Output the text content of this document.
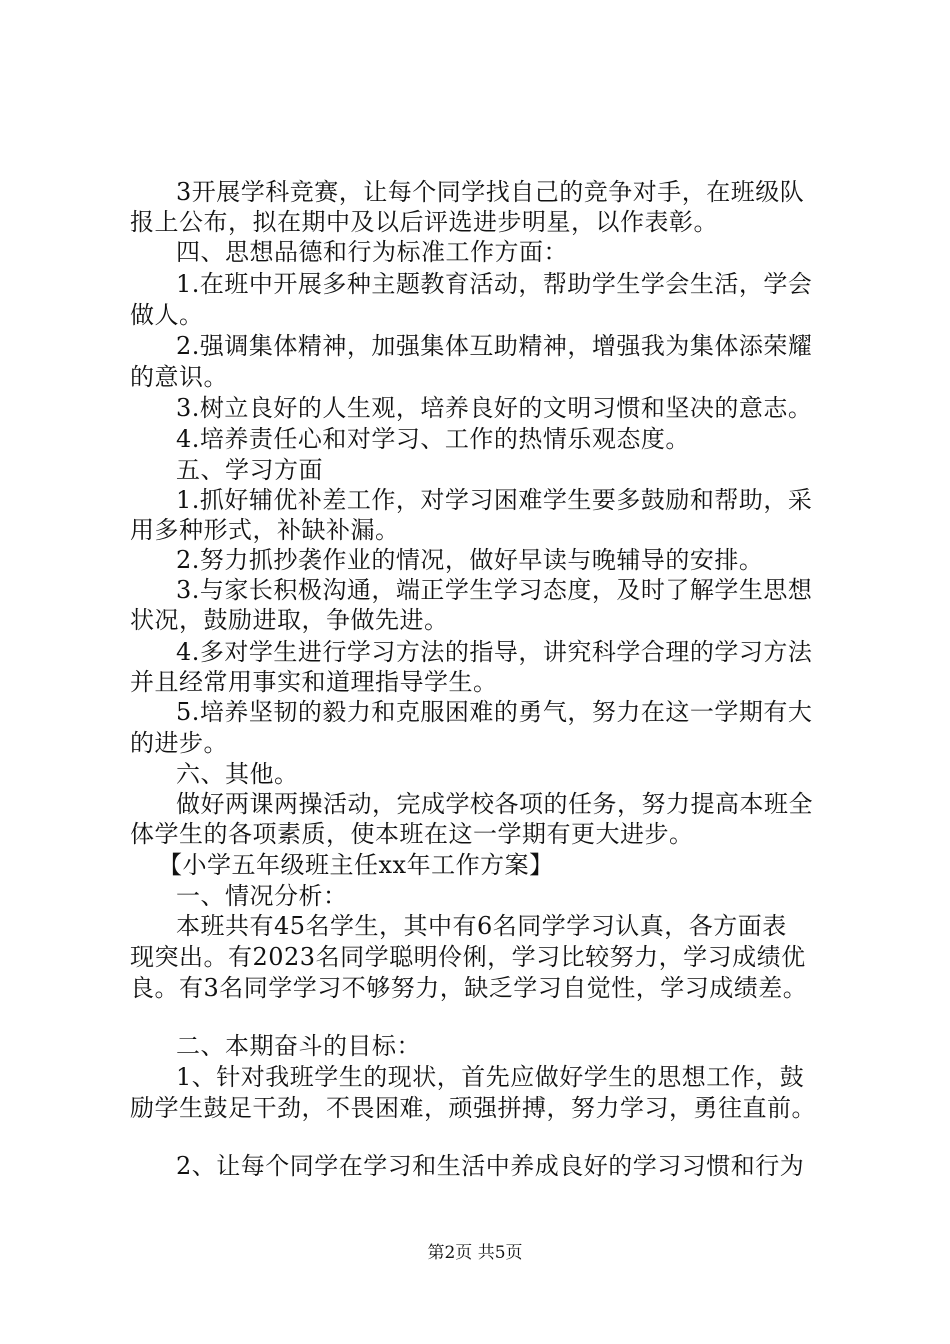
3开展学科竞赛，让每个同学找自己的竞争对手，在班级队

报上公布，拟在期中及以后评选进步明星，以作表彰。

四、思想品德和行为标准工作方面：

1.在班中开展多种主题教育活动，帮助学生学会生活，学会

做人。

2.强调集体精神，加强集体互助精神，增强我为集体添荣耀

的意识。

3.树立良好的人生观，培养良好的文明习惯和坚决的意志。

4.培养责任心和对学习、工作的热情乐观态度。

五、学习方面

1.抓好辅优补差工作，对学习困难学生要多鼓励和帮助，采

用多种形式，补缺补漏。

2.努力抓抄袭作业的情况，做好早读与晚辅导的安排。

3.与家长积极沟通，端正学生学习态度，及时了解学生思想

状况，鼓励进取，争做先进。

4.多对学生进行学习方法的指导，讲究科学合理的学习方法

并且经常用事实和道理指导学生。

5.培养坚韧的毅力和克服困难的勇气，努力在这一学期有大

的进步。

六、其他。

做好两课两操活动，完成学校各项的任务，努力提高本班全

体学生的各项素质，使本班在这一学期有更大进步。

【小学五年级班主任xx年工作方案】

一、情况分析：

本班共有45名学生，其中有6名同学学习认真，各方面表

现突出。有2023名同学聪明伶俐，学习比较努力，学习成绩优

良。有3名同学学习不够努力，缺乏学习自觉性，学习成绩差。

二、本期奋斗的目标：

1、针对我班学生的现状，首先应做好学生的思想工作，鼓

励学生鼓足干劲，不畏困难，顽强拼搏，努力学习，勇往直前。

2、让每个同学在学习和生活中养成良好的学习习惯和行为

第2页 共5页
